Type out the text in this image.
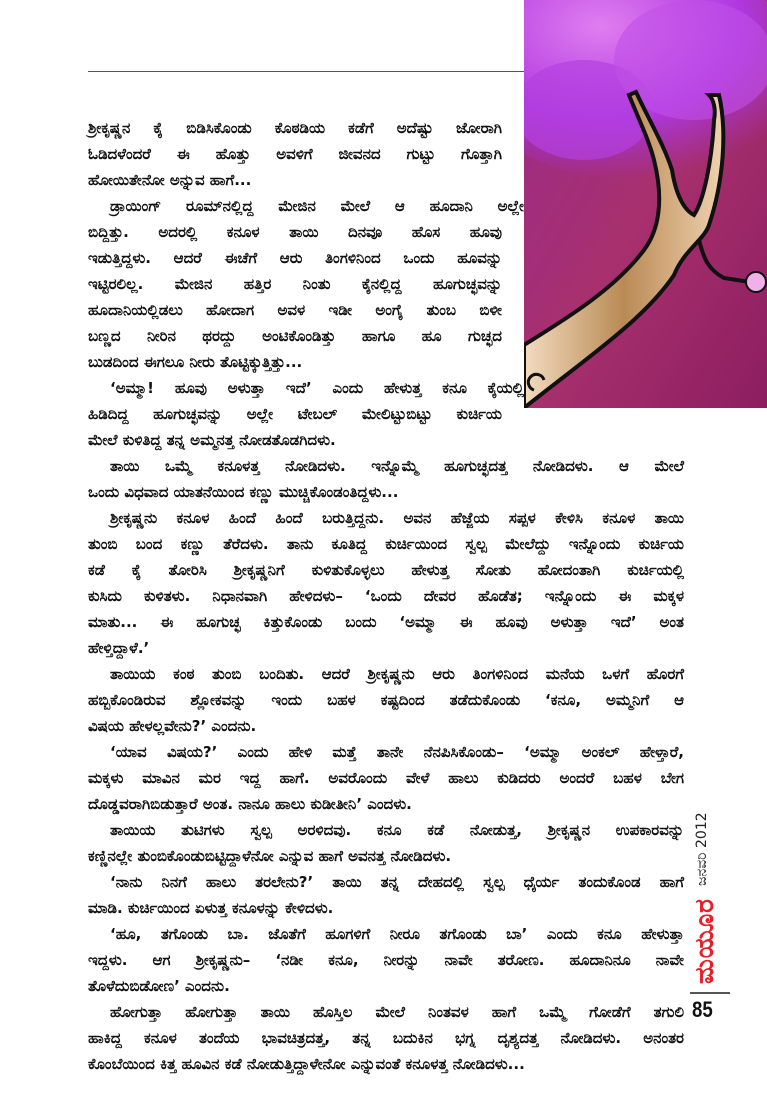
ಶ್ರೀಕೃಷ್ಣನ ಕೈ ಬಿಡಿಸಿಕೊಂಡು ಕೊಠಡಿಯ ಕಡೆಗೆ ಅದೆಷ್ಟು ಜೋರಾಗಿ
ಓಡಿದಳೆಂದರೆ ಈ ಹೊತ್ತು ಅವಳಿಗೆ ಜೀವನದ ಗುಟ್ಟು ಗೊತ್ತಾಗಿ
ಹೋಯಿತೇನೋ ಅನ್ನುವ ಹಾಗೆ...
ಡ್ರಾಯಿಂಗ್ ರೂಮ್‌ನಲ್ಲಿದ್ದ ಮೇಜಿನ ಮೇಲೆ ಆ ಹೂದಾನಿ ಅಲ್ಲೇ
ಬಿದ್ದಿತ್ತು. ಅದರಲ್ಲಿ ಕನೂಳ ತಾಯಿ ದಿನವೂ ಹೊಸ ಹೂವು
ಇಡುತ್ತಿದ್ದಳು. ಆದರೆ ಈಚೆಗೆ ಆರು ತಿಂಗಳಿನಿಂದ ಒಂದು ಹೂವನ್ನು
ಇಟ್ಟಿರಲಿಲ್ಲ. ಮೇಜಿನ ಹತ್ತಿರ ನಿಂತು ಕೈನಲ್ಲಿದ್ದ ಹೂಗುಚ್ಛವನ್ನು
ಹೂದಾನಿಯಲ್ಲಿಡಲು ಹೋದಾಗ ಅವಳ ಇಡೀ ಅಂಗೈ ತುಂಬ ಬಿಳೀ
ಬಣ್ಣದ ನೀರಿನ ಥರದ್ದು ಅಂಟಿಕೊಂಡಿತ್ತು ಹಾಗೂ ಹೂ ಗುಚ್ಛದ
ಬುಡದಿಂದ ಈಗಲೂ ನೀರು ತೊಟ್ಟಿಕ್ಕುತ್ತಿತ್ತು...
‘ಅಮ್ಮಾ! ಹೂವು ಅಳುತ್ತಾ ಇದೆ’ ಎಂದು ಹೇಳುತ್ತ ಕನೂ ಕೈಯಲ್ಲಿ
ಹಿಡಿದಿದ್ದ ಹೂಗುಚ್ಛವನ್ನು ಅಲ್ಲೇ ಟೇಬಲ್ ಮೇಲಿಟ್ಟುಬಿಟ್ಟು ಕುರ್ಚಿಯ
ಮೇಲೆ ಕುಳಿತಿದ್ದ ತನ್ನ ಅಮ್ಮನತ್ತ ನೋಡತೊಡಗಿದಳು.
ತಾಯಿ ಒಮ್ಮೆ ಕನೂಳತ್ತ ನೋಡಿದಳು. ಇನ್ನೊಮ್ಮೆ ಹೂಗುಚ್ಛದತ್ತ ನೋಡಿದಳು. ಆ ಮೇಲೆ
ಒಂದು ವಿಧವಾದ ಯಾತನೆಯಿಂದ ಕಣ್ಣು ಮುಚ್ಚಿಕೊಂಡಂತಿದ್ದಳು...
ಶ್ರೀಕೃಷ್ಣನು ಕನೂಳ ಹಿಂದೆ ಹಿಂದೆ ಬರುತ್ತಿದ್ದನು. ಅವನ ಹೆಜ್ಜೆಯ ಸಪ್ಪಳ ಕೇಳಿಸಿ ಕನೂಳ ತಾಯಿ
ತುಂಬಿ ಬಂದ ಕಣ್ಣು ತೆರೆದಳು. ತಾನು ಕೂತಿದ್ದ ಕುರ್ಚಿಯಿಂದ ಸ್ವಲ್ಪ ಮೇಲೆದ್ದು ಇನ್ನೊಂದು ಕುರ್ಚಿಯ
ಕಡೆ ಕೈ ತೋರಿಸಿ ಶ್ರೀಕೃಷ್ಣನಿಗೆ ಕುಳಿತುಕೊಳ್ಳಲು ಹೇಳುತ್ತ ಸೋತು ಹೋದಂತಾಗಿ ಕುರ್ಚಿಯಲ್ಲಿ
ಕುಸಿದು ಕುಳಿತಳು. ನಿಧಾನವಾಗಿ ಹೇಳಿದಳು– ‘ಒಂದು ದೇವರ ಹೊಡೆತ; ಇನ್ನೊಂದು ಈ ಮಕ್ಕಳ
ಮಾತು... ಈ ಹೂಗುಚ್ಛ ಕಿತ್ತುಕೊಂಡು ಬಂದು ‘ಅಮ್ಮಾ ಈ ಹೂವು ಅಳುತ್ತಾ ಇದೆ’ ಅಂತ
ಹೇಳ್ತಿದ್ದಾಳೆ.’
ತಾಯಿಯ ಕಂಠ ತುಂಬಿ ಬಂದಿತು. ಆದರೆ ಶ್ರೀಕೃಷ್ಣನು ಆರು ತಿಂಗಳಿನಿಂದ ಮನೆಯ ಒಳಗೆ ಹೊರಗೆ
ಹಬ್ಬಿಕೊಂಡಿರುವ ಶ್ಲೋಕವನ್ನು ಇಂದು ಬಹಳ ಕಷ್ಟದಿಂದ ತಡೆದುಕೊಂಡು ‘ಕನೂ, ಅಮ್ಮನಿಗೆ ಆ
ವಿಷಯ ಹೇಳಲ್ಲವೇನು?’ ಎಂದನು.
‘ಯಾವ ವಿಷಯ?’ ಎಂದು ಹೇಳಿ ಮತ್ತೆ ತಾನೇ ನೆನಪಿಸಿಕೊಂಡು– ‘ಅಮ್ಮಾ ಅಂಕಲ್ ಹೇಳ್ತಾರೆ,
ಮಕ್ಕಳು ಮಾವಿನ ಮರ ಇದ್ದ ಹಾಗೆ. ಅವರೊಂದು ವೇಳೆ ಹಾಲು ಕುಡಿದರು ಅಂದರೆ ಬಹಳ ಬೇಗ
ದೊಡ್ಡವರಾಗಿಬಿಡುತ್ತಾರೆ ಅಂತ. ನಾನೂ ಹಾಲು ಕುಡೀತೀನಿ’ ಎಂದಳು.
ತಾಯಿಯ ತುಟಿಗಳು ಸ್ವಲ್ಪ ಅರಳಿದವು. ಕನೂ ಕಡೆ ನೋಡುತ್ತ, ಶ್ರೀಕೃಷ್ಣನ ಉಪಕಾರವನ್ನು
ಕಣ್ಣಿನಲ್ಲೇ ತುಂಬಿಕೊಂಡುಬಿಟ್ಟಿದ್ದಾಳೆನೋ ಎನ್ನುವ ಹಾಗೆ ಅವನತ್ತ ನೋಡಿದಳು.
‘ನಾನು ನಿನಗೆ ಹಾಲು ತರಲೇನು?’ ತಾಯಿ ತನ್ನ ದೇಹದಲ್ಲಿ ಸ್ವಲ್ಪ ಧೈರ್ಯ ತಂದುಕೊಂಡ ಹಾಗೆ
ಮಾಡಿ. ಕುರ್ಚಿಯಿಂದ ಏಳುತ್ತ ಕನೂಳನ್ನು ಕೇಳಿದಳು.
‘ಹೂ, ತಗೊಂಡು ಬಾ. ಜೊತೆಗೆ ಹೂಗಳಿಗೆ ನೀರೂ ತಗೊಂಡು ಬಾ’ ಎಂದು ಕನೂ ಹೇಳುತ್ತಾ
ಇದ್ದಳು. ಆಗ ಶ್ರೀಕೃಷ್ಣನು– ‘ನಡೀ ಕನೂ, ನೀರನ್ನು ನಾವೇ ತರೋಣ. ಹೂದಾನಿನೂ ನಾವೇ
ತೊಳೆದುಬಿಡೋಣ’ ಎಂದನು.
ಹೋಗುತ್ತಾ ಹೋಗುತ್ತಾ ತಾಯಿ ಹೊಸ್ತಿಲ ಮೇಲೆ ನಿಂತವಳ ಹಾಗೆ ಒಮ್ಮೆ ಗೋಡೆಗೆ ತಗುಲಿ
ಹಾಕಿದ್ದ ಕನೂಳ ತಂದೆಯ ಭಾವಚಿತ್ರದತ್ತ, ತನ್ನ ಬದುಕಿನ ಭಗ್ನ ದೃಶ್ಯದತ್ತ ನೋಡಿದಳು. ಅನಂತರ
ಕೊಂಬೆಯಿಂದ ಕಿತ್ತ ಹೂವಿನ ಕಡೆ ನೋಡುತ್ತಿದ್ದಾಳೇನೋ ಎನ್ನುವಂತೆ ಕನೂಳತ್ತ ನೋಡಿದಳು...
ಜನವರಿ 2012
ಮಯೂರ
85
